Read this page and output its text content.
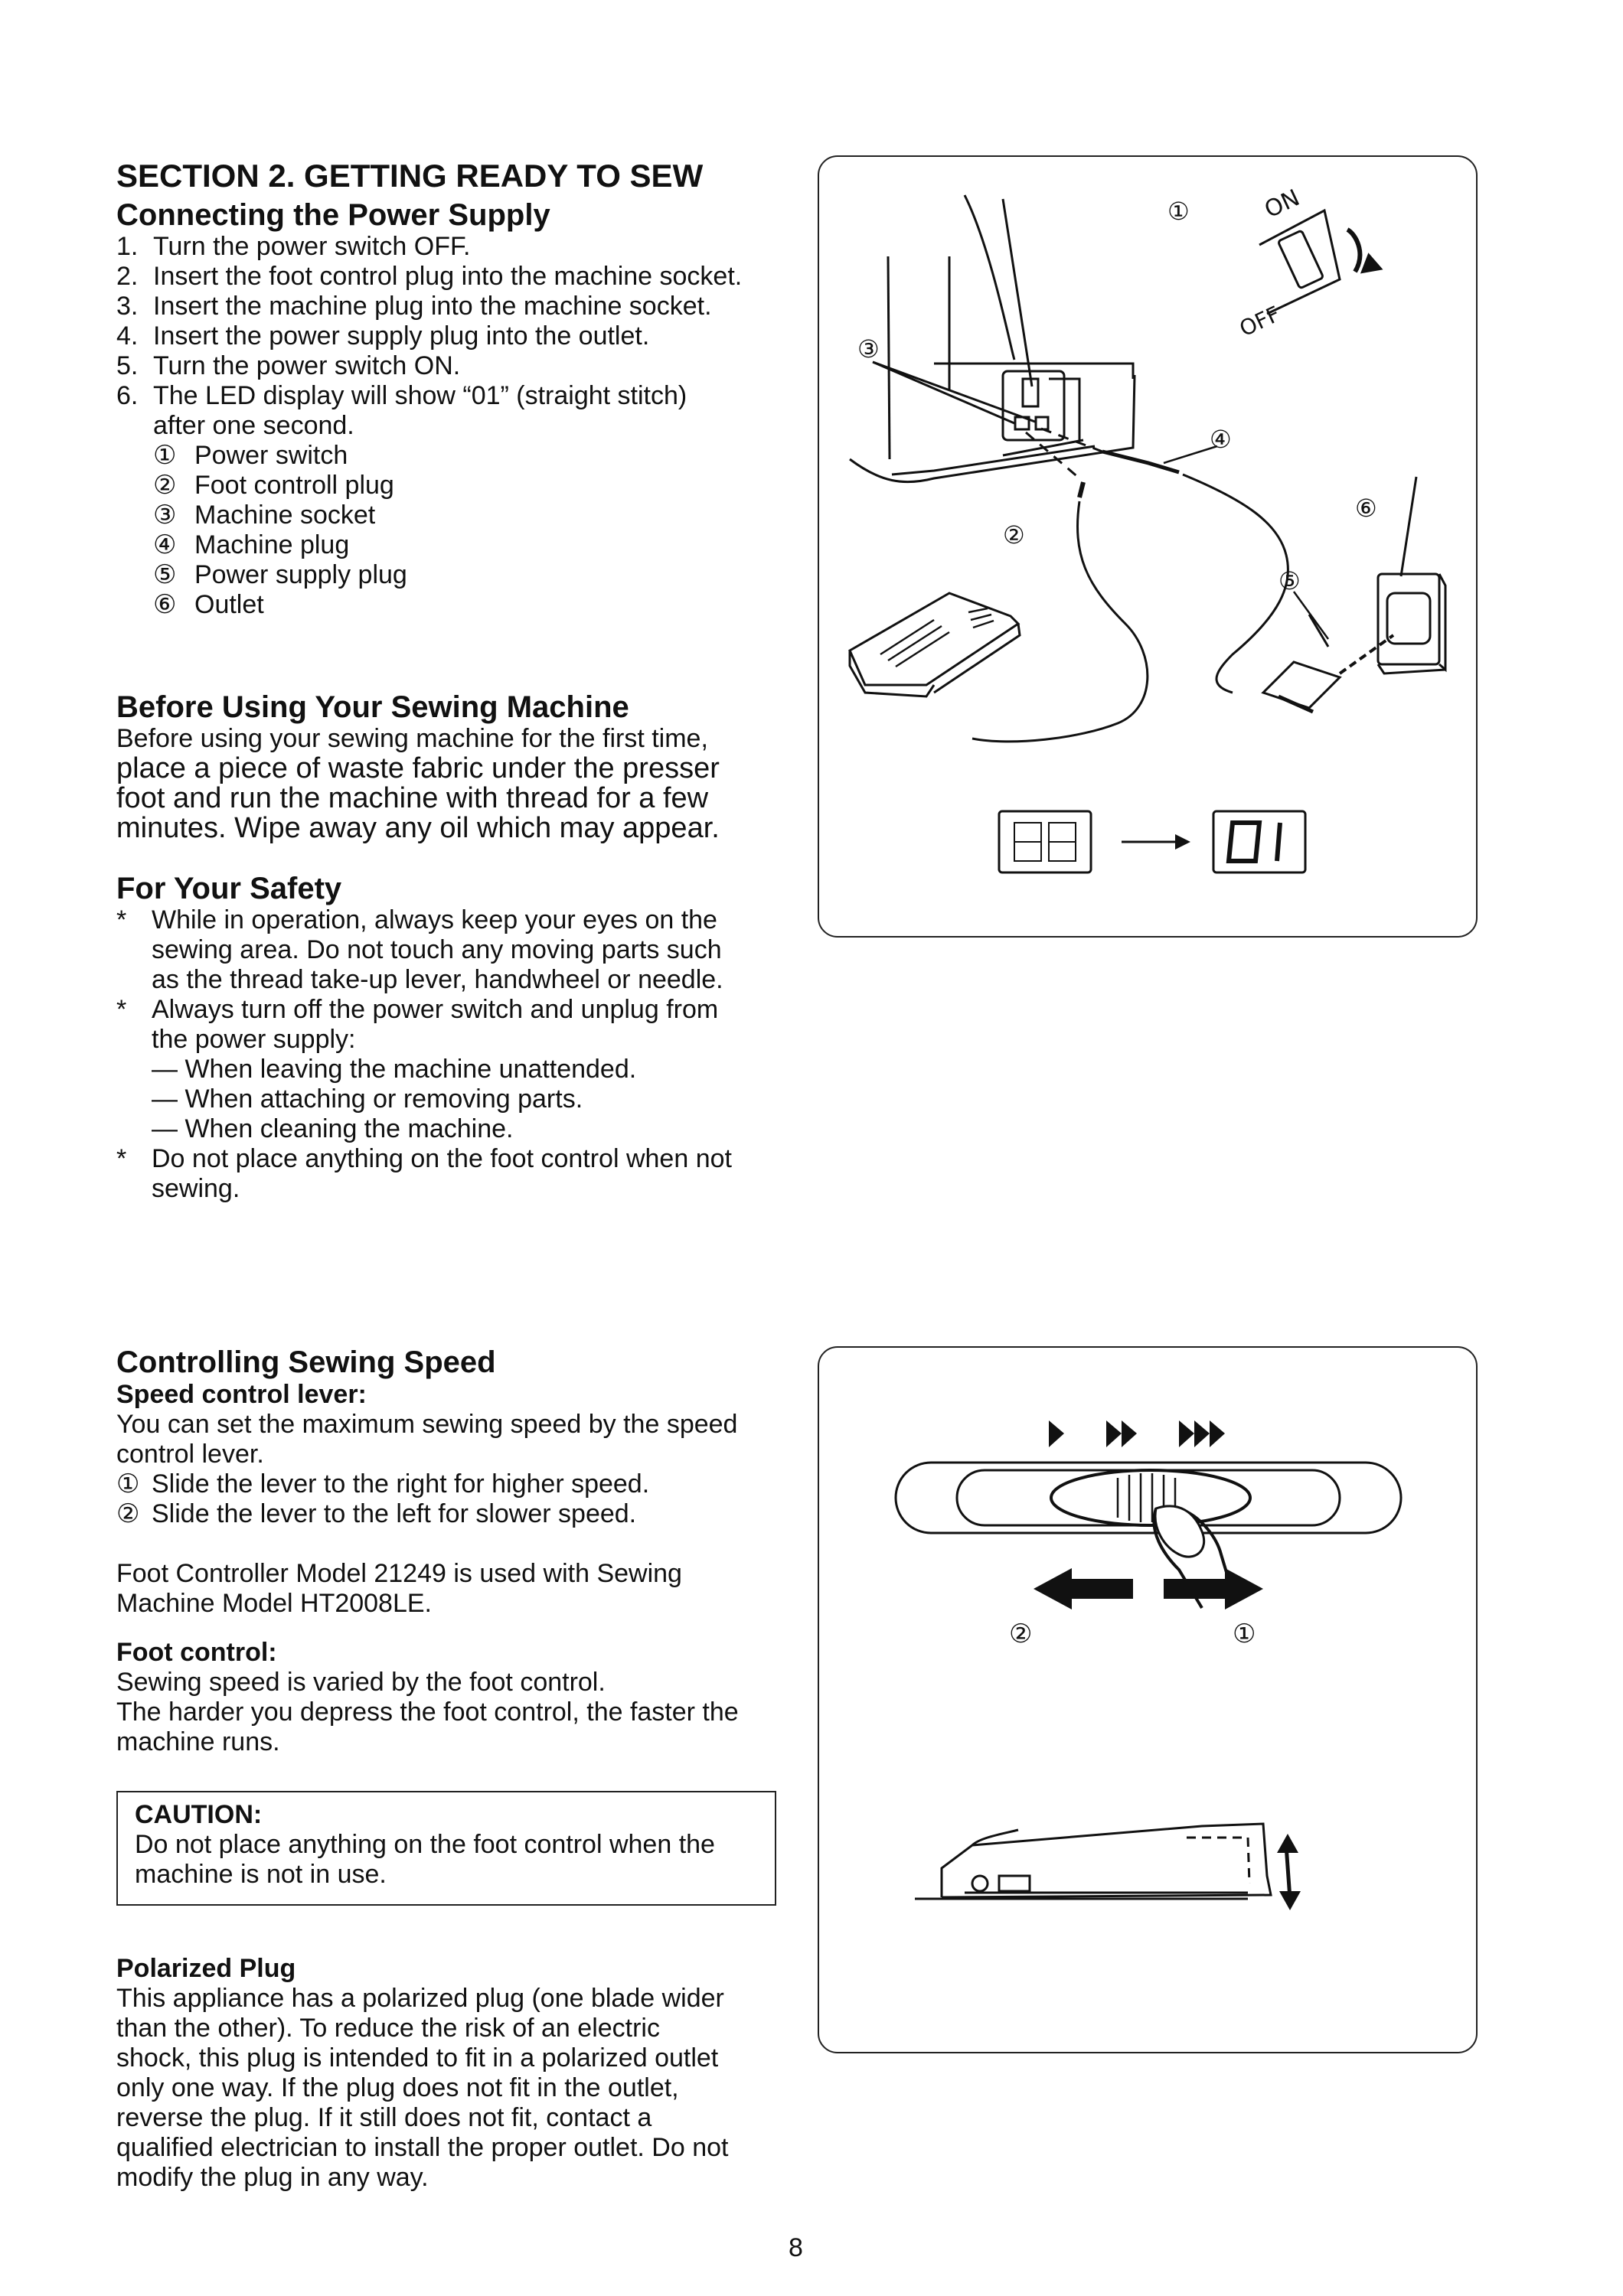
SECTION 2. GETTING READY TO SEW
Connecting the Power Supply
1. Turn the power switch OFF.
2. Insert the foot control plug into the machine socket.
3. Insert the machine plug into the machine socket.
4. Insert the power supply plug into the outlet.
5. Turn the power switch ON.
6. The LED display will show “01” (straight stitch)
after one second.
① Power switch
② Foot controll plug
③ Machine socket
④ Machine plug
⑤ Power supply plug
⑥ Outlet
Before Using Your Sewing Machine
Before using your sewing machine for the first time,
place a piece of waste fabric under the presser
foot and run the machine with thread for a few
minutes. Wipe away any oil which may appear.
For Your Safety
* While in operation, always keep your eyes on the
sewing area. Do not touch any moving parts such
as the thread take-up lever, handwheel or needle.
* Always turn off the power switch and unplug from
the power supply:
— When leaving the machine unattended.
— When attaching or removing parts.
— When cleaning the machine.
* Do not place anything on the foot control when not
sewing.
ON
OFF
①
②
③
④
⑤
⑥
Controlling Sewing Speed
Speed control lever:
You can set the maximum sewing speed by the speed
control lever.
① Slide the lever to the right for higher speed.
② Slide the lever to the left for slower speed.
Foot Controller Model 21249 is used with Sewing
Machine Model HT2008LE.
Foot control:
Sewing speed is varied by the foot control.
The harder you depress the foot control, the faster the
machine runs.
CAUTION:
Do not place anything on the foot control when the
machine is not in use.
Polarized Plug
This appliance has a polarized plug (one blade wider
than the other). To reduce the risk of an electric
shock, this plug is intended to fit in a polarized outlet
only one way. If the plug does not fit in the outlet,
reverse the plug. If it still does not fit, contact a
qualified electrician to install the proper outlet. Do not
modify the plug in any way.
②	①
8
